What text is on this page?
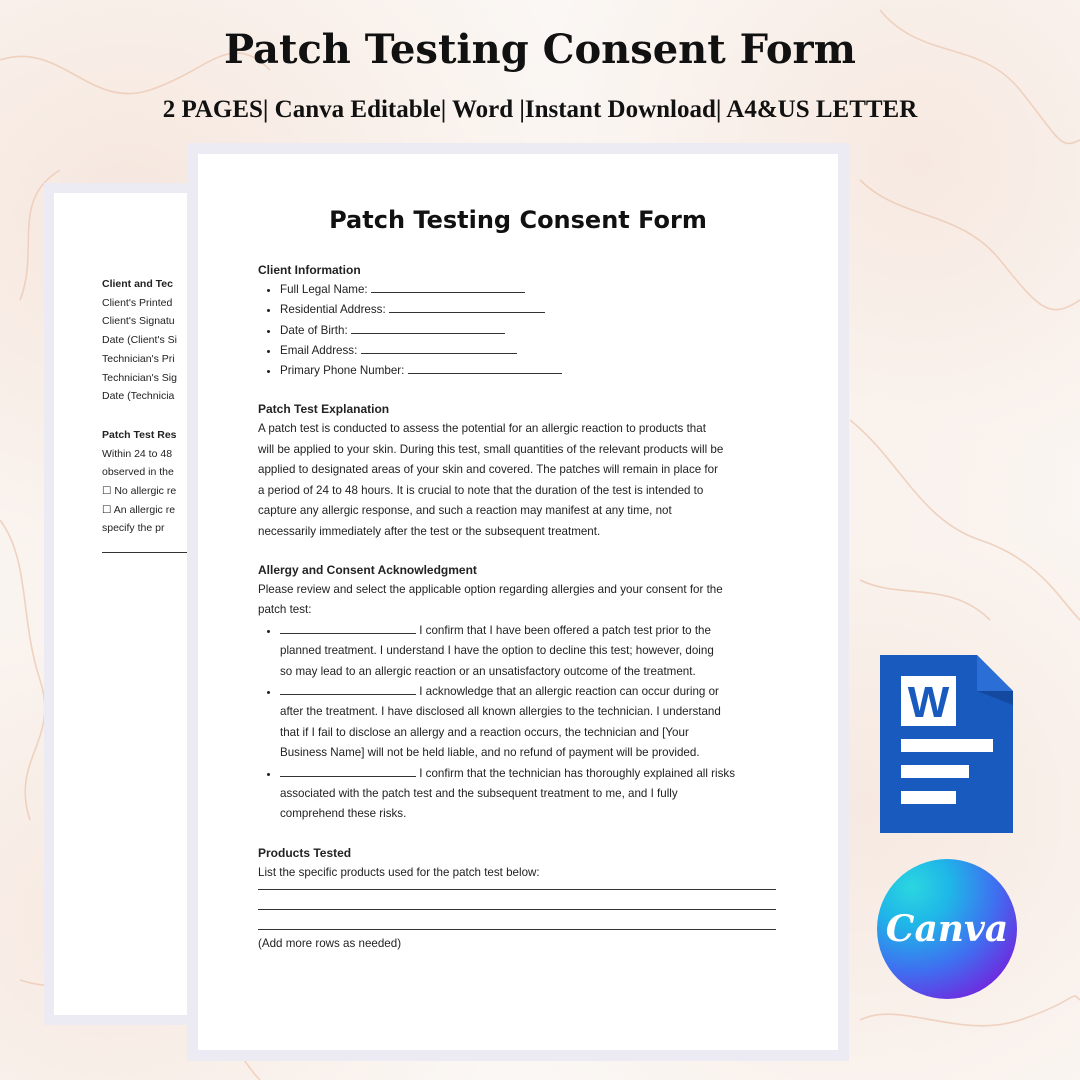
Patch Testing Consent Form
2 PAGES| Canva Editable| Word |Instant Download| A4&US LETTER
Client and Tec
Client's Printed
Client's Signatu
Date (Client's Si
Technician's Pri
Technician's Sig
Date (Technicia
Patch Test Res
Within 24 to 48
observed in the
☐ No allergic re
☐ An allergic re
specify the pr
Patch Testing Consent Form
Client Information
• Full Legal Name:
• Residential Address:
• Date of Birth:
• Email Address:
• Primary Phone Number:
Patch Test Explanation

A patch test is conducted to assess the potential for an allergic reaction to products that

will be applied to your skin. During this test, small quantities of the relevant products will be

applied to designated areas of your skin and covered. The patches will remain in place for

a period of 24 to 48 hours. It is crucial to note that the duration of the test is intended to

capture any allergic response, and such a reaction may manifest at any time, not

necessarily immediately after the test or the subsequent treatment.

Allergy and Consent Acknowledgment

Please review and select the applicable option regarding allergies and your consent for the

patch test:

• I confirm that I have been offered a patch test prior to the
planned treatment. I understand I have the option to decline this test; however, doing
so may lead to an allergic reaction or an unsatisfactory outcome of the treatment.
• I acknowledge that an allergic reaction can occur during or
after the treatment. I have disclosed all known allergies to the technician. I understand
that if I fail to disclose an allergy and a reaction occurs, the technician and [Your
Business Name] will not be held liable, and no refund of payment will be provided.
• I confirm that the technician has thoroughly explained all risks
associated with the patch test and the subsequent treatment to me, and I fully
comprehend these risks.
Products Tested

List the specific products used for the patch test below:

(Add more rows as needed)
W
Canva
